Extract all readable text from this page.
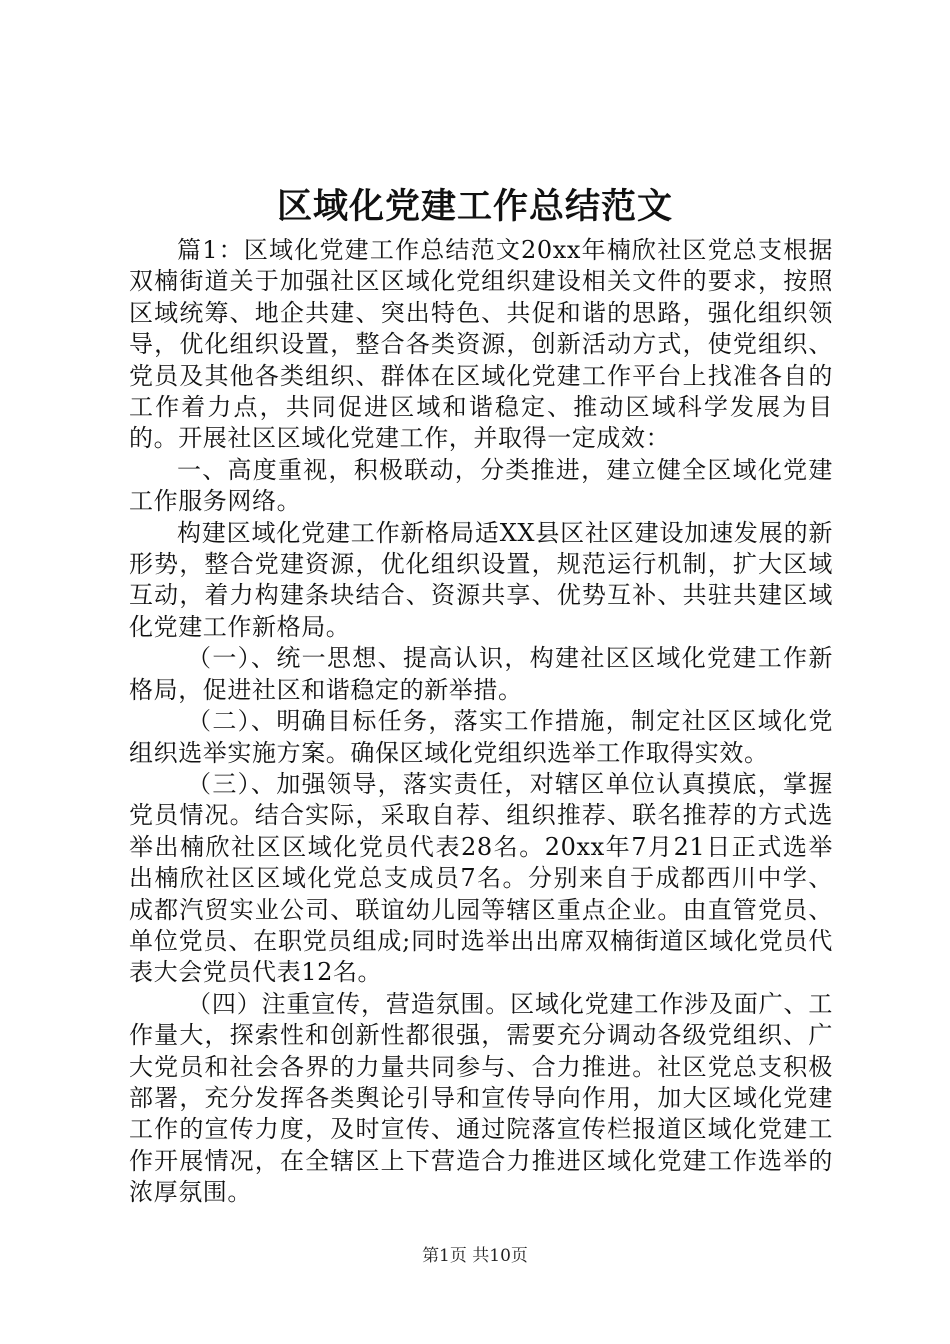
区域化党建工作总结范文

篇1：区域化党建工作总结范文20xx年楠欣社区党总支根据双楠街道关于加强社区区域化党组织建设相关文件的要求，按照区域统筹、地企共建、突出特色、共促和谐的思路，强化组织领导，优化组织设置，整合各类资源，创新活动方式，使党组织、党员及其他各类组织、群体在区域化党建工作平台上找准各自的工作着力点，共同促进区域和谐稳定、推动区域科学发展为目的。开展社区区域化党建工作，并取得一定成效：

一、高度重视，积极联动，分类推进，建立健全区域化党建工作服务网络。

构建区域化党建工作新格局适XX县区社区建设加速发展的新形势，整合党建资源，优化组织设置，规范运行机制，扩大区域互动，着力构建条块结合、资源共享、优势互补、共驻共建区域化党建工作新格局。

（一）、统一思想、提高认识，构建社区区域化党建工作新格局，促进社区和谐稳定的新举措。

（二）、明确目标任务，落实工作措施，制定社区区域化党组织选举实施方案。确保区域化党组织选举工作取得实效。

（三）、加强领导，落实责任，对辖区单位认真摸底，掌握党员情况。结合实际，采取自荐、组织推荐、联名推荐的方式选举出楠欣社区区域化党员代表28名。20xx年7月21日正式选举出楠欣社区区域化党总支成员7名。分别来自于成都西川中学、成都汽贸实业公司、联谊幼儿园等辖区重点企业。由直管党员、单位党员、在职党员组成;同时选举出出席双楠街道区域化党员代表大会党员代表12名。

（四）注重宣传，营造氛围。区域化党建工作涉及面广、工作量大，探索性和创新性都很强，需要充分调动各级党组织、广大党员和社会各界的力量共同参与、合力推进。社区党总支积极部署，充分发挥各类舆论引导和宣传导向作用，加大区域化党建工作的宣传力度，及时宣传、通过院落宣传栏报道区域化党建工作开展情况，在全辖区上下营造合力推进区域化党建工作选举的浓厚氛围。

第1页 共10页
